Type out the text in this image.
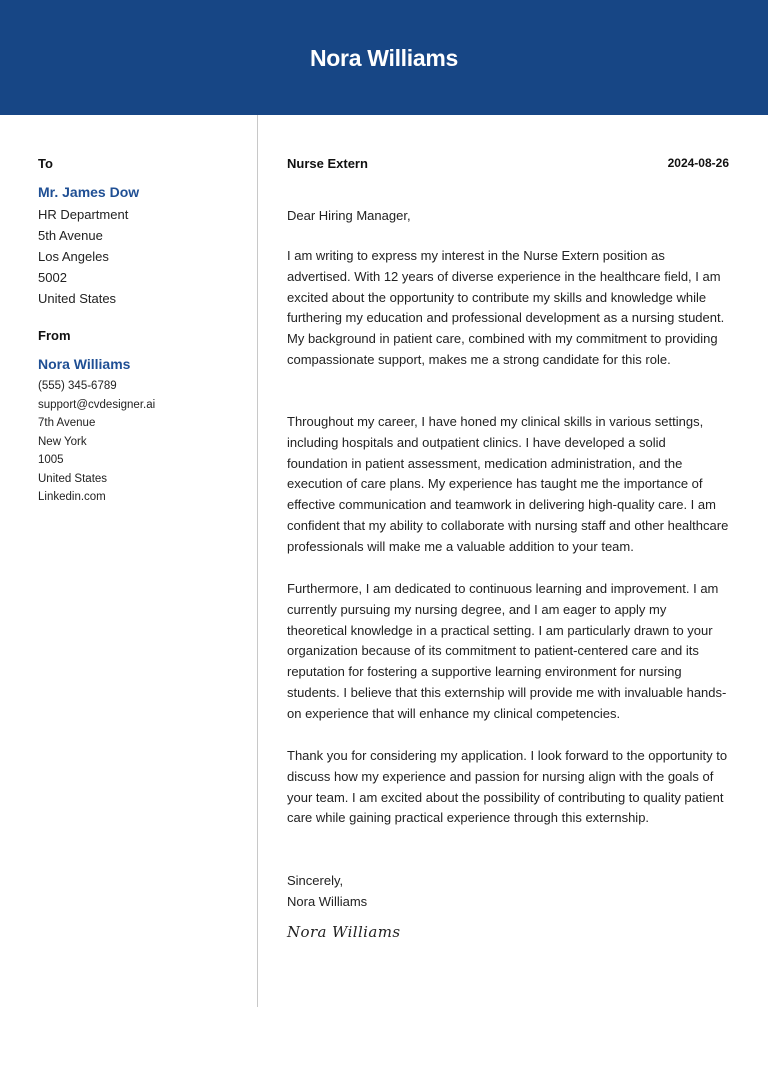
Nora Williams
To
Mr. James Dow
HR Department
5th Avenue
Los Angeles
5002
United States
From
Nora Williams
(555) 345-6789
support@cvdesigner.ai
7th Avenue
New York
1005
United States
Linkedin.com
Nurse Extern	2024-08-26
Dear Hiring Manager,

I am writing to express my interest in the Nurse Extern position as advertised. With 12 years of diverse experience in the healthcare field, I am excited about the opportunity to contribute my skills and knowledge while furthering my education and professional development as a nursing student. My background in patient care, combined with my commitment to providing compassionate support, makes me a strong candidate for this role.

Throughout my career, I have honed my clinical skills in various settings, including hospitals and outpatient clinics. I have developed a solid foundation in patient assessment, medication administration, and the execution of care plans. My experience has taught me the importance of effective communication and teamwork in delivering high-quality care. I am confident that my ability to collaborate with nursing staff and other healthcare professionals will make me a valuable addition to your team.

Furthermore, I am dedicated to continuous learning and improvement. I am currently pursuing my nursing degree, and I am eager to apply my theoretical knowledge in a practical setting. I am particularly drawn to your organization because of its commitment to patient-centered care and its reputation for fostering a supportive learning environment for nursing students. I believe that this externship will provide me with invaluable hands-on experience that will enhance my clinical competencies.

Thank you for considering my application. I look forward to the opportunity to discuss how my experience and passion for nursing align with the goals of your team. I am excited about the possibility of contributing to quality patient care while gaining practical experience through this externship.

Sincerely,
Nora Williams
Nora Williams
